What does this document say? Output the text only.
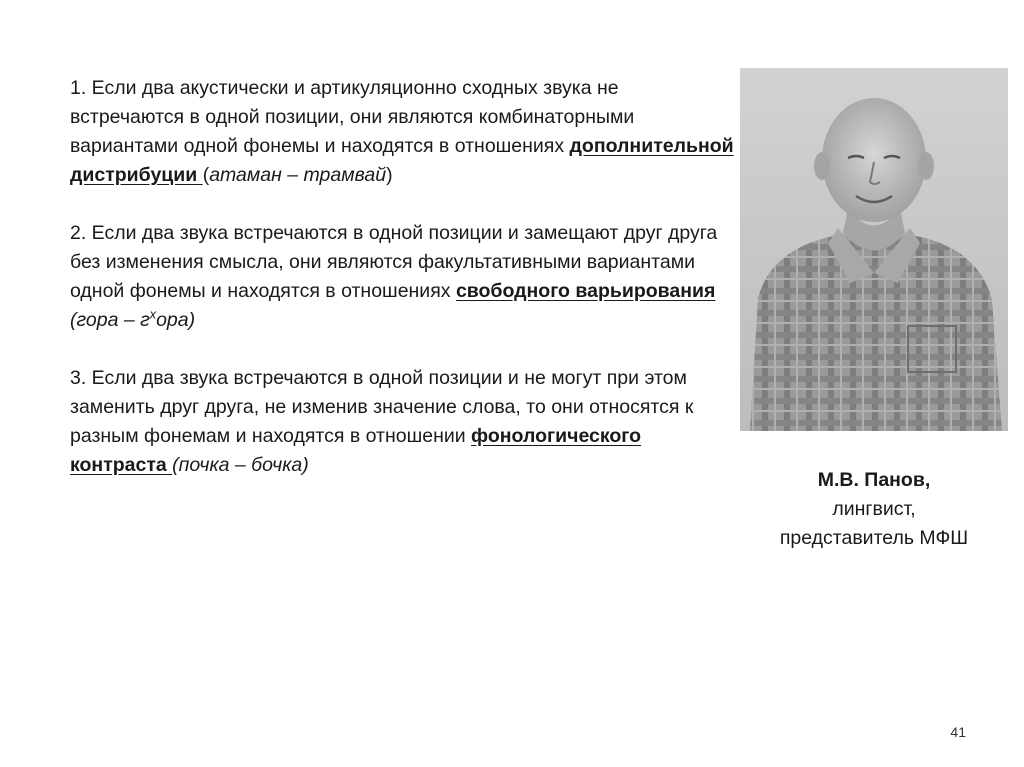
1. Если два акустически и артикуляционно сходных звука не встречаются в одной позиции, они являются комбинаторными вариантами одной фонемы и находятся в отношениях дополнительной дистрибуции (атаман – трамвай)

2. Если два звука встречаются в одной позиции и замещают друг друга без изменения смысла, они являются факультативными вариантами одной фонемы и находятся в отношениях свободного варьирования (гора – $г^хора$)

3. Если два звука встречаются в одной позиции и не могут при этом заменить друг друга, не изменив значение слова, то они относятся к разным фонемам и находятся в отношении фонологического контраста (почка – бочка)

М.В. Панов,
лингвист,
представитель МФШ
41
